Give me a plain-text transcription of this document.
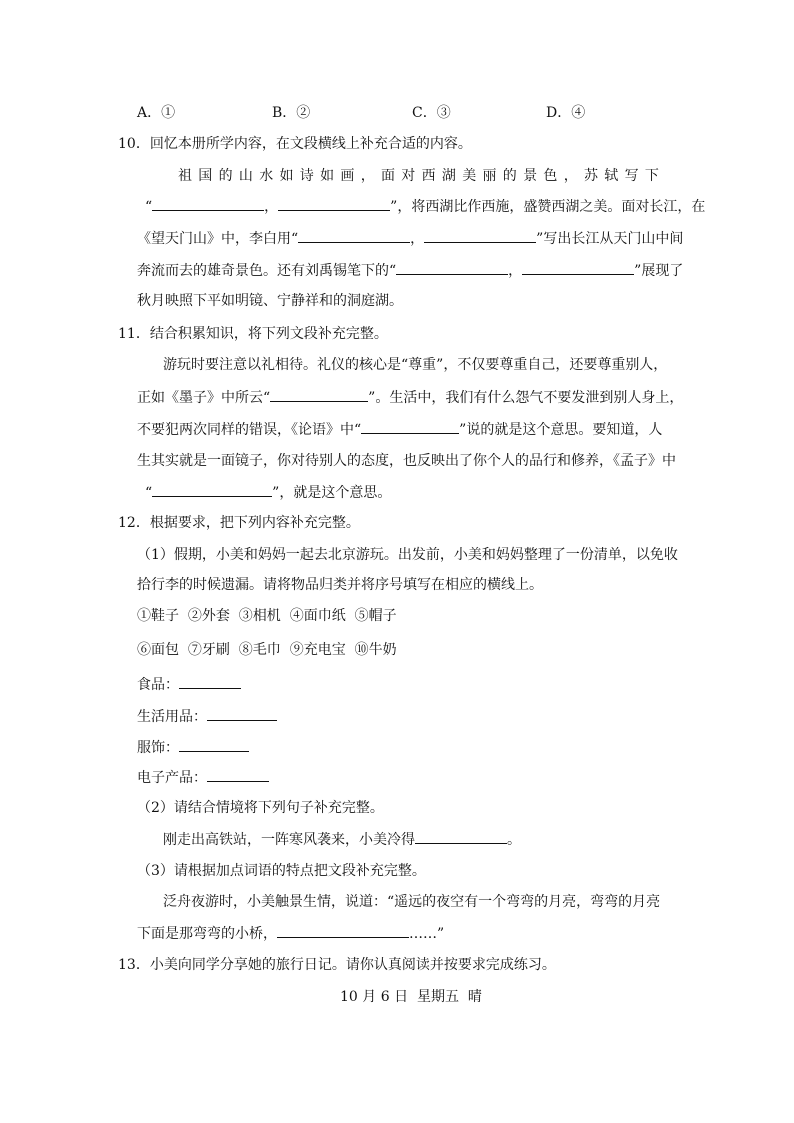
A．①	B．②	C．③	D．④
10．回忆本册所学内容，在文段横线上补充合适的内容。
祖国的山水如诗如画，面对西湖美丽的景色，苏轼写下
“	，	”，将西湖比作西施，盛赞西湖之美。面对长江，在
《望天门山》中，李白用“	，	”写出长江从天门山中间
奔流而去的雄奇景色。还有刘禹锡笔下的“	，	”展现了
秋月映照下平如明镜、宁静祥和的洞庭湖。
11．结合积累知识，将下列文段补充完整。
游玩时要注意以礼相待。礼仪的核心是“尊重”，不仅要尊重自己，还要尊重别人，
正如《墨子》中所云“	”。生活中，我们有什么怨气不要发泄到别人身上，
不要犯两次同样的错误，《论语》中“	”说的就是这个意思。要知道，人
生其实就是一面镜子，你对待别人的态度，也反映出了你个人的品行和修养，《孟子》中
“	”，就是这个意思。
12．根据要求，把下列内容补充完整。
（1）假期，小美和妈妈一起去北京游玩。出发前，小美和妈妈整理了一份清单，以免收
拾行李的时候遗漏。请将物品归类并将序号填写在相应的横线上。
①鞋子  ②外套  ③相机  ④面巾纸  ⑤帽子
⑥面包  ⑦牙刷  ⑧毛巾  ⑨充电宝  ⑩牛奶
食品：
生活用品：
服饰：
电子产品：
（2）请结合情境将下列句子补充完整。
刚走出高铁站，一阵寒风袭来，小美冷得	。
（3）请根据加点词语的特点把文段补充完整。
泛舟夜游时，小美触景生情，说道：“遥远的夜空有一个弯弯的月亮，弯弯的月亮
下面是那弯弯的小桥，	……”
13．小美向同学分享她的旅行日记。请你认真阅读并按要求完成练习。
10 月 6 日  星期五  晴
